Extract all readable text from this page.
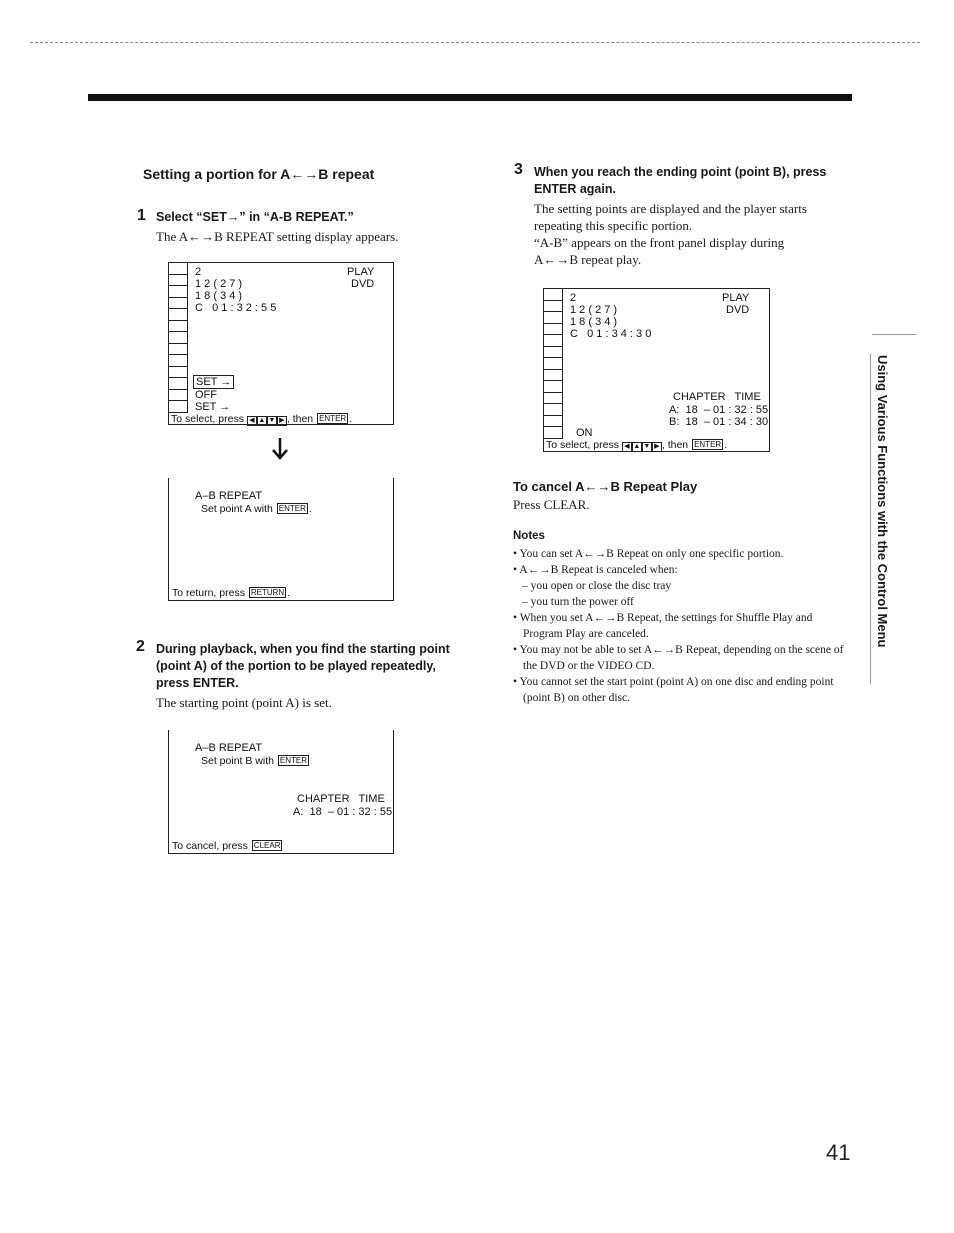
Setting a portion for A←→B repeat
1 Select “SET→” in “A-B REPEAT.”
The A←→B REPEAT setting display appears.
2
1 2 ( 2 7 )
1 8 ( 3 4 )
C   0 1 : 3 2 : 5 5
PLAY
DVD
SET →
OFF
SET →
To select, press ◀ ▲ ▼ ▶ , then ENTER .
A–B REPEAT
Set point A with ENTER .
To return, press RETURN .
2 During playback, when you find the starting point (point A) of the portion to be played repeatedly, press ENTER.
The starting point (point A) is set.
A–B REPEAT
Set point B with ENTER
CHAPTER   TIME
A:  18  – 01 : 32 : 55
To cancel, press CLEAR
3 When you reach the ending point (point B), press ENTER again.
The setting points are displayed and the player starts repeating this specific portion.
“A-B” appears on the front panel display during A←→B repeat play.
2
1 2 ( 2 7 )
1 8 ( 3 4 )
C   0 1 : 3 4 : 3 0
PLAY
DVD
CHAPTER   TIME
A:  18  – 01 : 32 : 55
B:  18  – 01 : 34 : 30
ON
To select, press ◀ ▲ ▼ ▶ , then ENTER .
To cancel A←→B Repeat Play
Press CLEAR.
Notes
• You can set A←→B Repeat on only one specific portion.
• A←→B Repeat is canceled when:
– you open or close the disc tray
– you turn the power off
• When you set A←→B Repeat, the settings for Shuffle Play and Program Play are canceled.
• You may not be able to set A←→B Repeat, depending on the scene of the DVD or the VIDEO CD.
• You cannot set the start point (point A) on one disc and ending point (point B) on other disc.
Using Various Functions with the Control Menu
41
